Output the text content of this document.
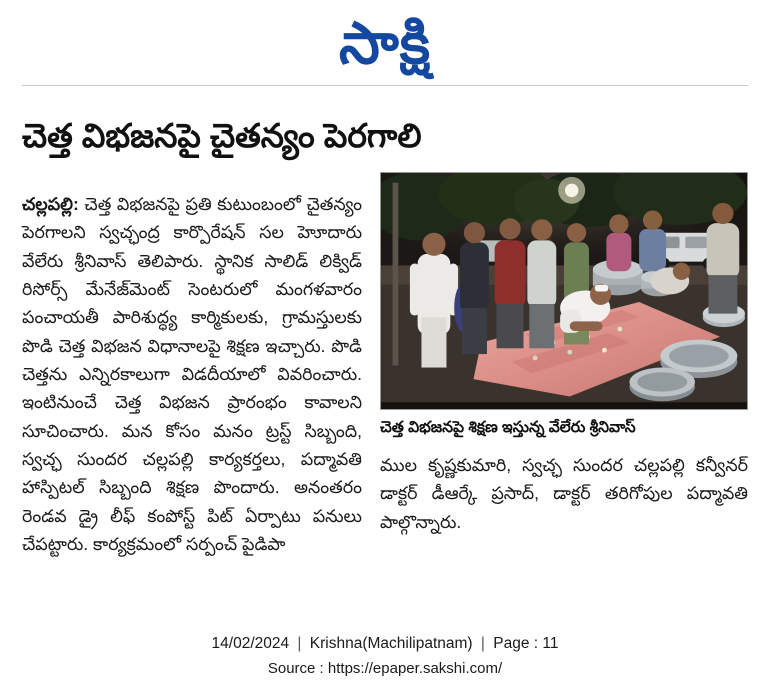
సాక్షి
చెత్త విభజనపై చైతన్యం పెరగాలి

చల్లపల్లి: చెత్త విభజనపై ప్రతి కుటుంబంలో చైతన్యం పెరగాలని స్వచ్ఛంద్ర కార్పొరేషన్ సల హెూదారు వేలేరు శ్రీనివాస్ తెలిపారు. స్థానిక సాలిడ్ లిక్విడ్ రిసోర్స్ మేనేజ్‌మెంట్ సెంటరులో మంగళవారం పంచాయతీ పారిశుద్ధ్య కార్మికులకు, గ్రామస్తులకు పొడి చెత్త విభజన విధానాలపై శిక్షణ ఇచ్చారు. పొడి చెత్తను ఎన్నిరకాలుగా విడదీయాలో వివరించారు. ఇంటినుంచే చెత్త విభజన ప్రారంభం కావాలని సూచించారు. మన కోసం మనం ట్రస్ట్ సిబ్బంది, స్వచ్ఛ సుందర చల్లపల్లి కార్యకర్తలు, పద్మావతి హాస్పిటల్ సిబ్బంది శిక్షణ పొందారు. అనంతరం రెండవ డ్రై లీఫ్ కంపోస్ట్ పిట్ ఏర్పాటు పనులు చేపట్టారు. కార్యక్రమంలో సర్పంచ్ పైడిపా

చెత్త విభజనపై శిక్షణ ఇస్తున్న వేలేరు శ్రీనివాస్

ముల కృష్ణకుమారి, స్వచ్ఛ సుందర చల్లపల్లి కన్వీనర్ డాక్టర్ డీఆర్కే ప్రసాద్, డాక్టర్ తరిగోపుల పద్మావతి పాల్గొన్నారు.

14/02/2024 | Krishna(Machilipatnam) | Page : 11
Source : https://epaper.sakshi.com/
